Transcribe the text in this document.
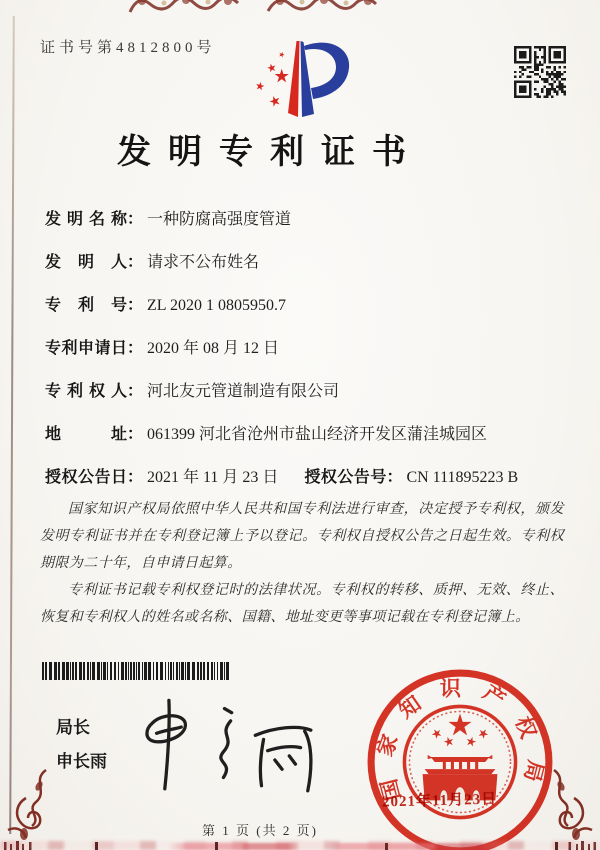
证书号第4812800号
发明专利证书
发明名称： 一种防腐高强度管道
发明人： 请求不公布姓名
专利号： ZL 2020 1 0805950.7
专利申请日： 2020 年 08 月 12 日
专利权人： 河北友元管道制造有限公司
地址： 061399 河北省沧州市盐山经济开发区蒲洼城园区
授权公告日： 2021 年 11 月 23 日 授权公告号： CN 111895223 B

国家知识产权局依照中华人民共和国专利法进行审查，决定授予专利权，颁发发明专利证书并在专利登记簿上予以登记。专利权自授权公告之日起生效。专利权期限为二十年，自申请日起算。

专利证书记载专利权登记时的法律状况。专利权的转移、质押、无效、终止、恢复和专利权人的姓名或名称、国籍、地址变更等事项记载在专利登记簿上。

局长
申长雨	国家知识产权局
2021年11月23日
第 1 页 (共 2 页)
